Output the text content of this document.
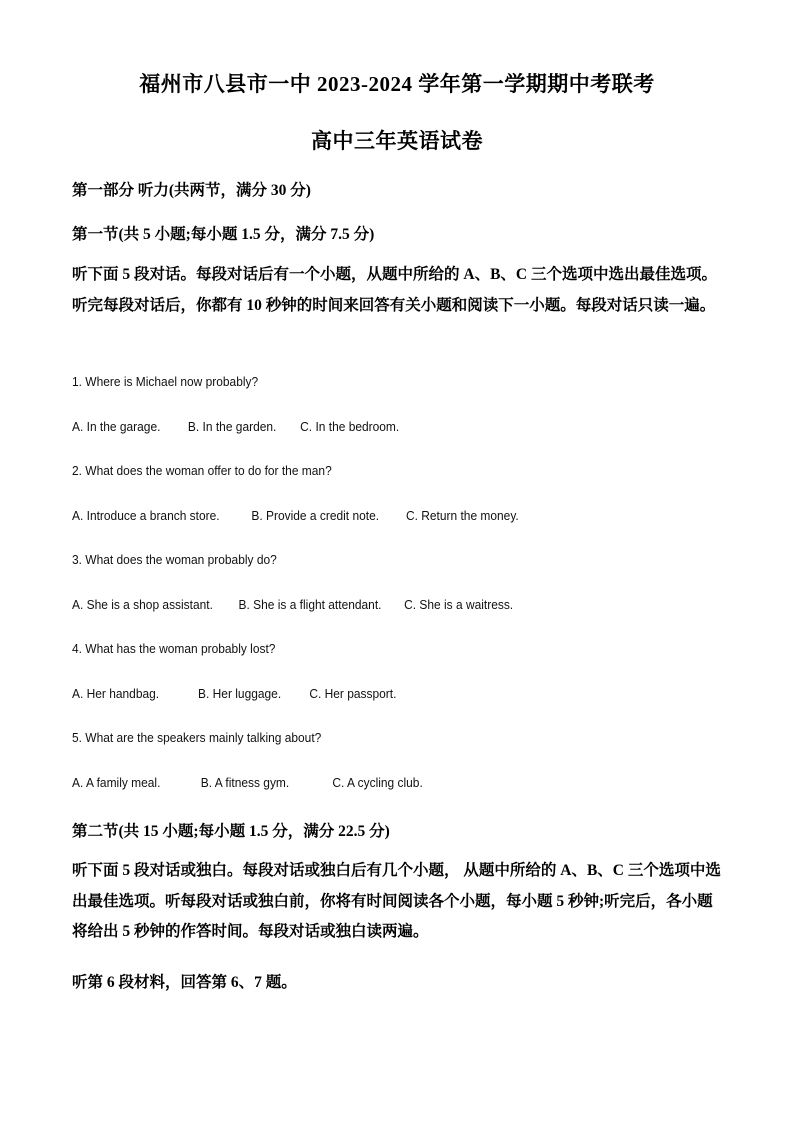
福州市八县市一中 2023-2024 学年第一学期期中考联考
高中三年英语试卷
第一部分 听力(共两节，满分 30 分)
第一节(共 5 小题;每小题 1.5 分，满分 7.5 分)
听下面 5 段对话。每段对话后有一个小题，从题中所给的 A、B、C 三个选项中选出最佳选项。听完每段对话后，你都有 10 秒钟的时间来回答有关小题和阅读下一小题。每段对话只读一遍。
1. Where is Michael now probably?
A. In the garage. B. In the garden. C. In the bedroom.
2. What does the woman offer to do for the man?
A. Introduce a branch store. B. Provide a credit note. C. Return the money.
3. What does the woman probably do?
A. She is a shop assistant. B. She is a flight attendant. C. She is a waitress.
4. What has the woman probably lost?
A. Her handbag.	B. Her luggage. C. Her passport.
5. What are the speakers mainly talking about?
A. A family meal.	B. A fitness gym.	C. A cycling club.
第二节(共 15 小题;每小题 1.5 分，满分 22.5 分)
听下面 5 段对话或独白。每段对话或独白后有几个小题， 从题中所给的 A、B、C 三个选项中选出最佳选项。听每段对话或独白前，你将有时间阅读各个小题，每小题 5 秒钟;听完后，各小题将给出 5 秒钟的作答时间。每段对话或独白读两遍。
听第 6 段材料，回答第 6、7 题。
